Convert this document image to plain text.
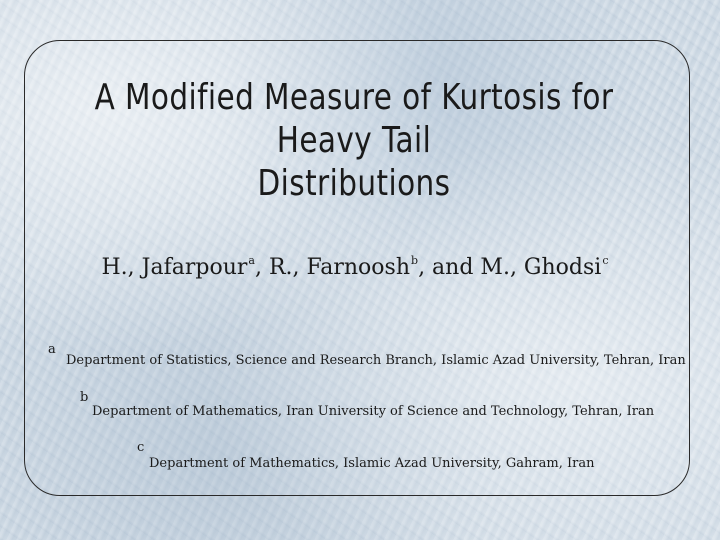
A Modified Measure of Kurtosis for Heavy Tail
Distributions
H., Jafarpour$^a$, R., Farnoosh$^b$, and M., Ghodsi$^c$
a
Department of Statistics, Science and Research Branch, Islamic Azad University, Tehran, Iran
b
Department of Mathematics, Iran University of Science and Technology, Tehran, Iran
c
Department of Mathematics, Islamic Azad University, Gahram, Iran
